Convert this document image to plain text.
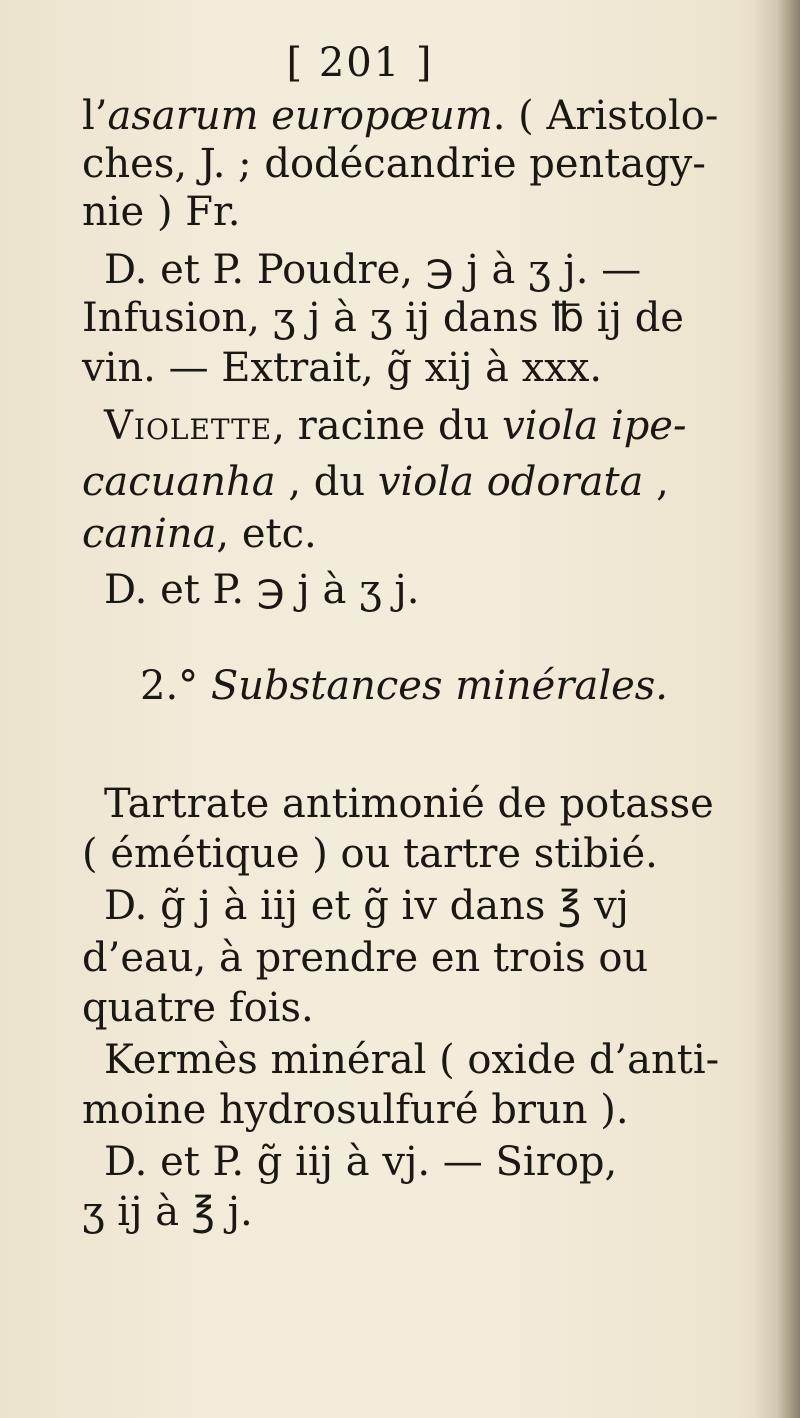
[ 201 ]
l’asarum europœum. ( Aristolo-
ches, J. ; dodécandrie pentagy-
nie ) Fr.
D. et P. Poudre, ℈ j à ʒ j. —
Infusion, ʒ j à ʒ ij dans ℔ ij de
vin. — Extrait, g̃ xij à xxx.
Violette, racine du viola ipe-
cacuanha , du viola odorata ,
canina, etc.
D. et P. ℈ j à ʒ j.
2.° Substances minérales.
Tartrate antimonié de potasse
( émétique ) ou tartre stibié.
D. g̃ j à iij et g̃ iv dans ℥ vj
d’eau, à prendre en trois ou
quatre fois.
Kermès minéral ( oxide d’anti-
moine hydrosulfuré brun ).
D. et P. g̃ iij à vj. — Sirop,
ʒ ij à ℥ j.
